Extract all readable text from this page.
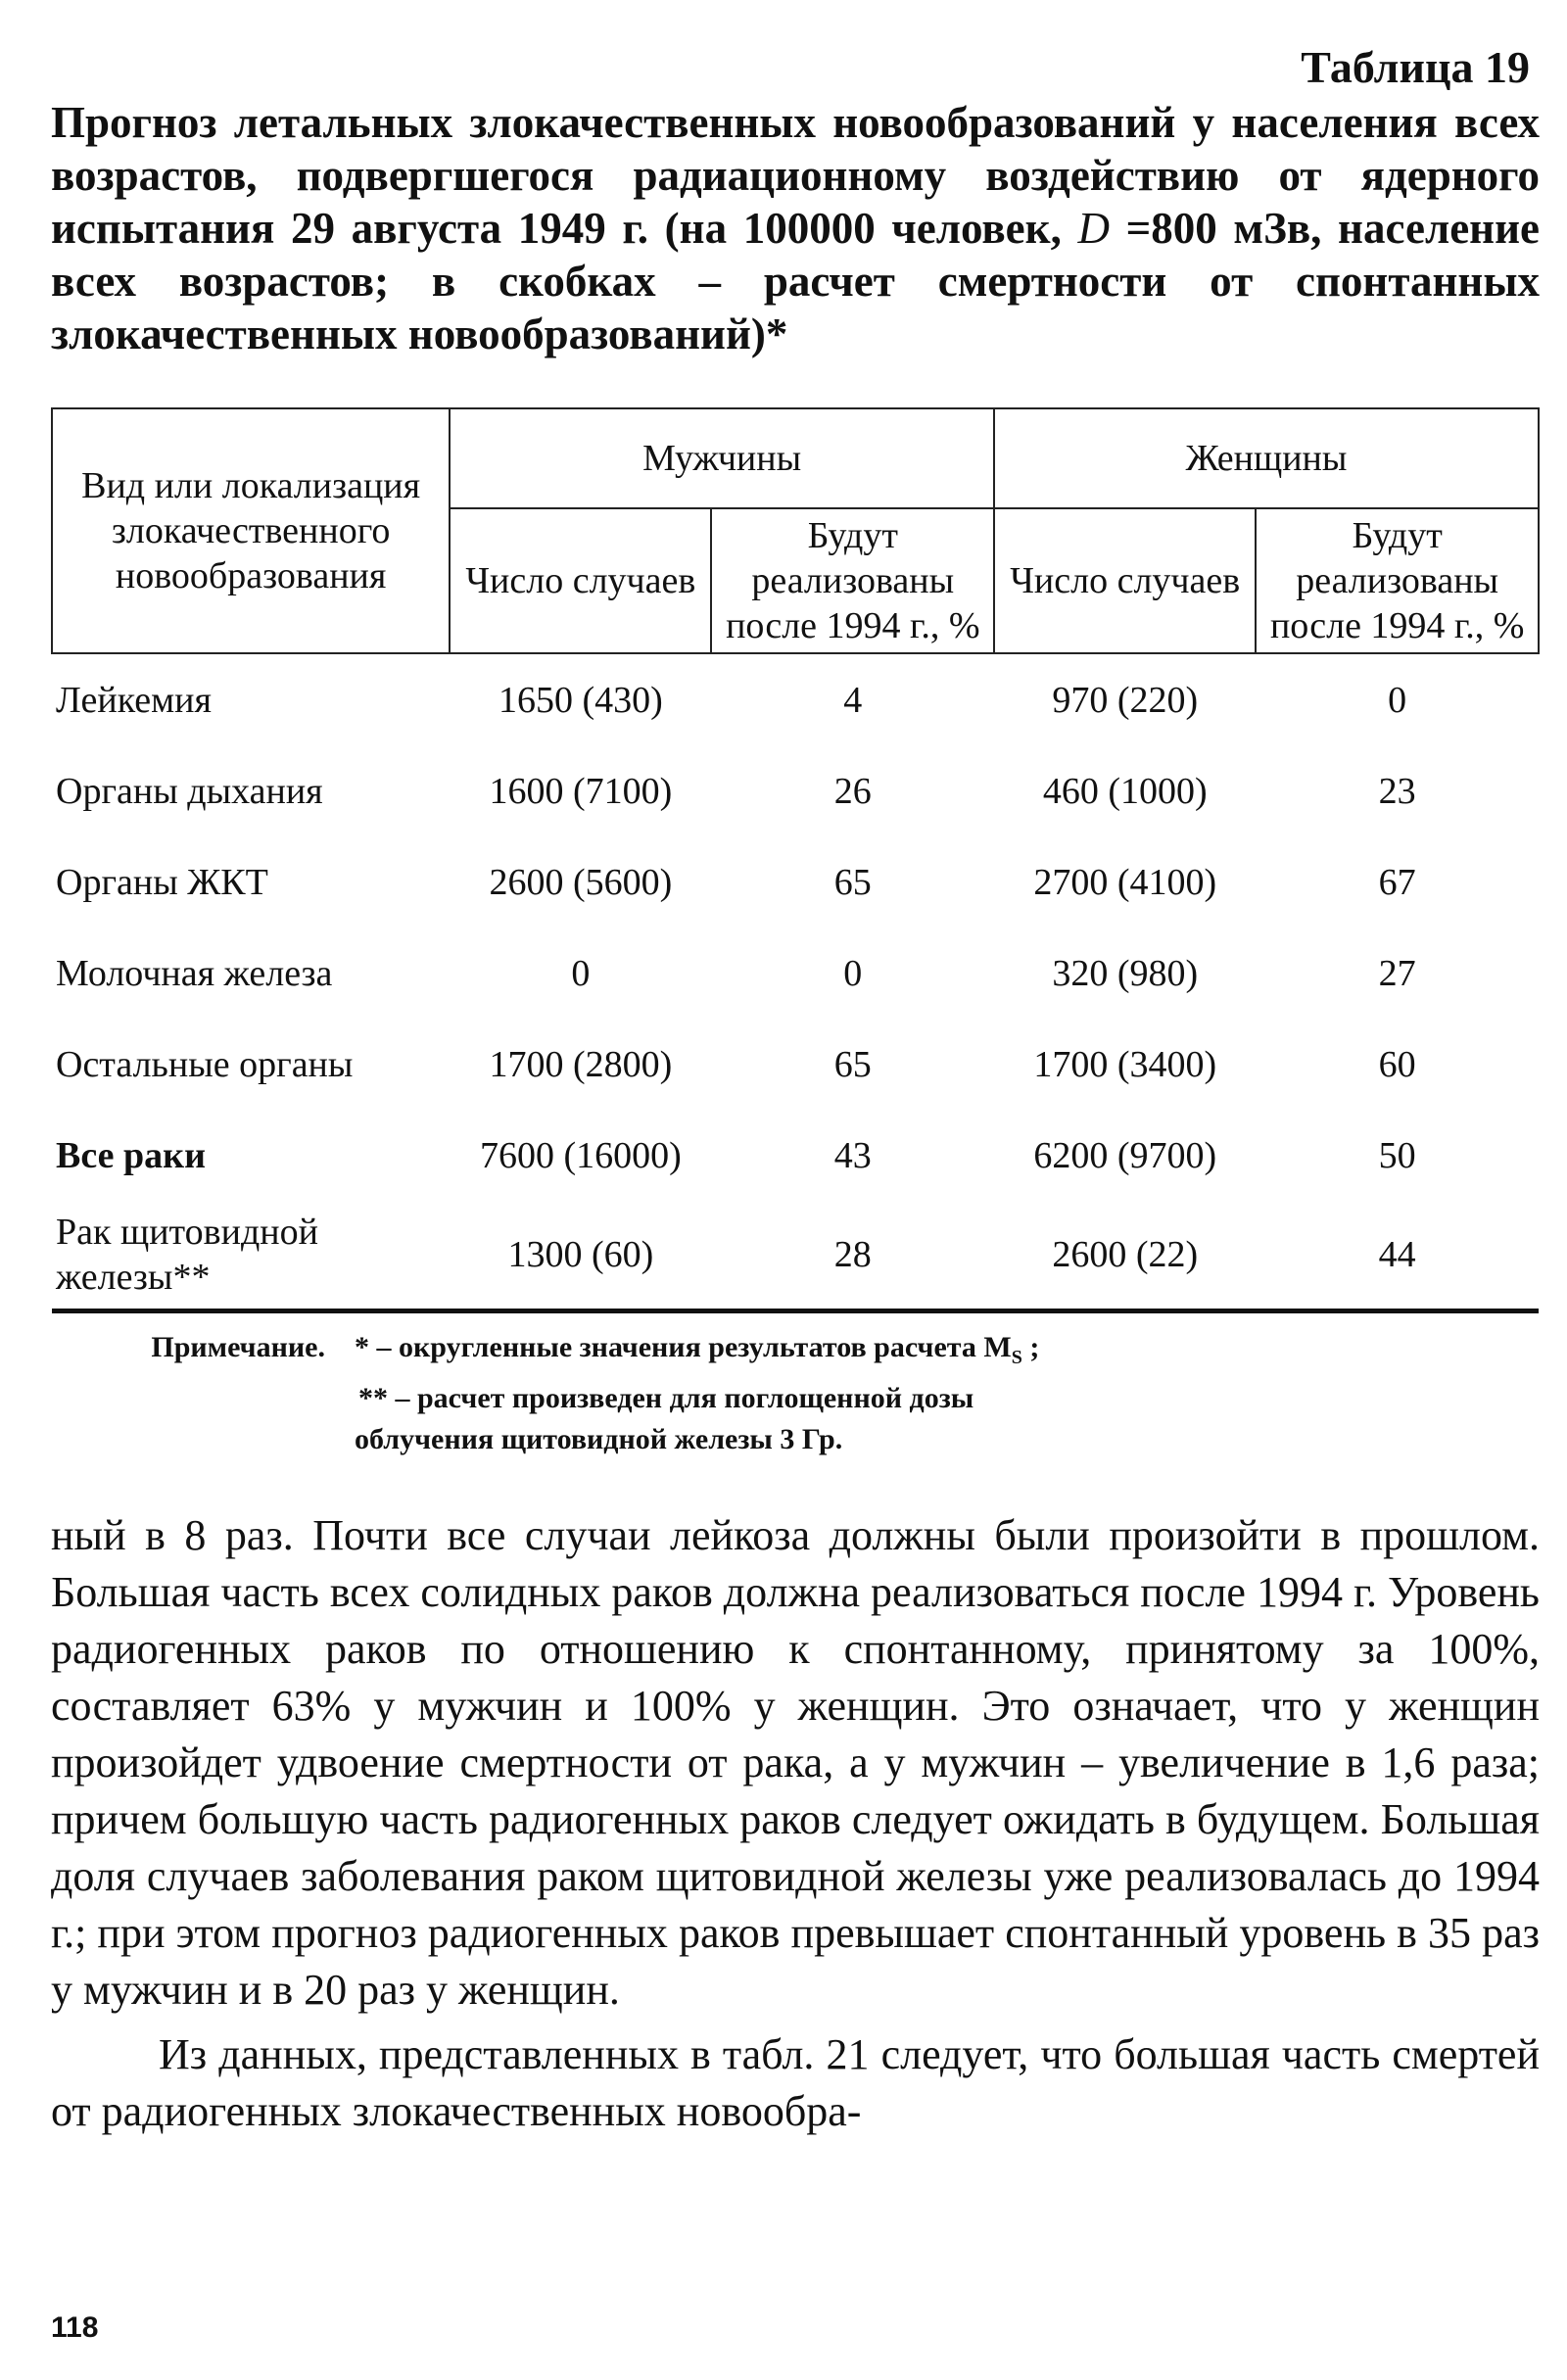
Таблица 19
Прогноз летальных злокачественных новообразований у населения всех возрастов, подвергшегося радиационному воздействию от ядерного испытания 29 августа 1949 г. (на 100000 человек, D =800 мЗв, население всех возрастов; в скобках – расчет смертности от спонтанных злокачественных новообразований)*
Вид или локализация злокачественного новообразования	Мужчины		Женщины	
	Число случаев	Будут реализованы после 1994 г., %	Число случаев	Будут реализованы после 1994 г., %
Лейкемия	1650 (430)	4	970 (220)	0
Органы дыхания	1600 (7100)	26	460 (1000)	23
Органы ЖКТ	2600 (5600)	65	2700 (4100)	67
Молочная железа	0	0	320 (980)	27
Остальные органы	1700 (2800)	65	1700 (3400)	60
Все раки	7600 (16000)	43	6200 (9700)	50
Рак щитовидной железы**	1300 (60)	28	2600 (22)	44
Примечание.	* – округленные значения результатов расчета $M_S$ ;
** – расчет произведен для поглощенной дозы
облучения щитовидной железы 3 Гр.

ный в 8 раз. Почти все случаи лейкоза должны были произойти в прошлом. Большая часть всех солидных раков должна реализоваться после 1994 г. Уровень радиогенных раков по отношению к спонтанному, принятому за 100%, составляет 63% у мужчин и 100% у женщин. Это означает, что у женщин произойдет удвоение смертности от рака, а у мужчин – увеличение в 1,6 раза; причем большую часть радиогенных раков следует ожидать в будущем. Большая доля случаев заболевания раком щитовидной железы уже реализовалась до 1994 г.; при этом прогноз радиогенных раков превышает спонтанный уровень в 35 раз у мужчин и в 20 раз у женщин.

Из данных, представленных в табл. 21 следует, что большая часть смертей от радиогенных злокачественных новообра-

118
